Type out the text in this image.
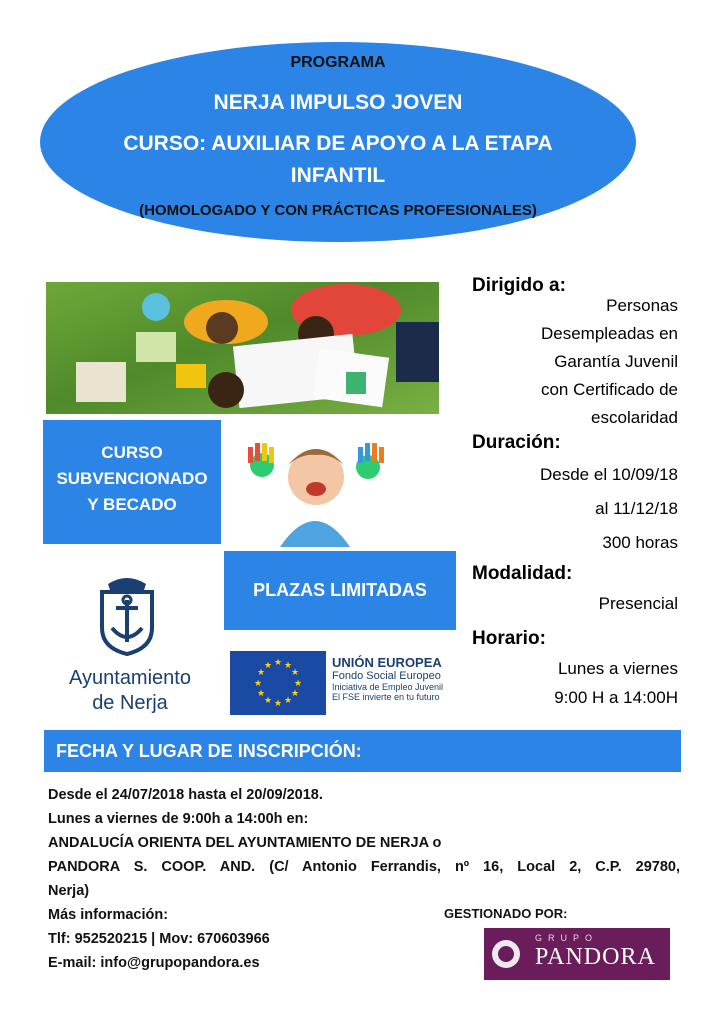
PROGRAMA
NERJA IMPULSO JOVEN
CURSO: AUXILIAR DE APOYO A LA ETAPA
INFANTIL
(HOMOLOGADO Y CON PRÁCTICAS PROFESIONALES)
CURSO
SUBVENCIONADO
Y BECADO
PLAZAS LIMITADAS
Dirigido a:
Personas
Desempleadas en
Garantía Juvenil
con Certificado de
escolaridad
Duración:
Desde el 10/09/18
al 11/12/18
300 horas
Modalidad:
Presencial
Horario:
Lunes a viernes
9:00 H a 14:00H
Ayuntamiento
de Nerja
★ ★
★
★
★
★
★
★
★
★
★
★	UNIÓN EUROPEA
Fondo Social Europeo
Iniciativa de Empleo Juvenil
El FSE invierte en tu futuro
FECHA Y LUGAR DE INSCRIPCIÓN:
Desde el 24/07/2018 hasta el 20/09/2018.
Lunes a viernes de 9:00h a 14:00h en:
ANDALUCÍA ORIENTA DEL AYUNTAMIENTO DE NERJA o
PANDORA S. COOP. AND. (C/ Antonio Ferrandis, nº 16, Local 2, C.P. 29780,
Nerja)
Más información:
Tlf: 952520215 | Mov: 670603966
E-mail: info@grupopandora.es
GESTIONADO POR:
GRUPO
PANDORA
